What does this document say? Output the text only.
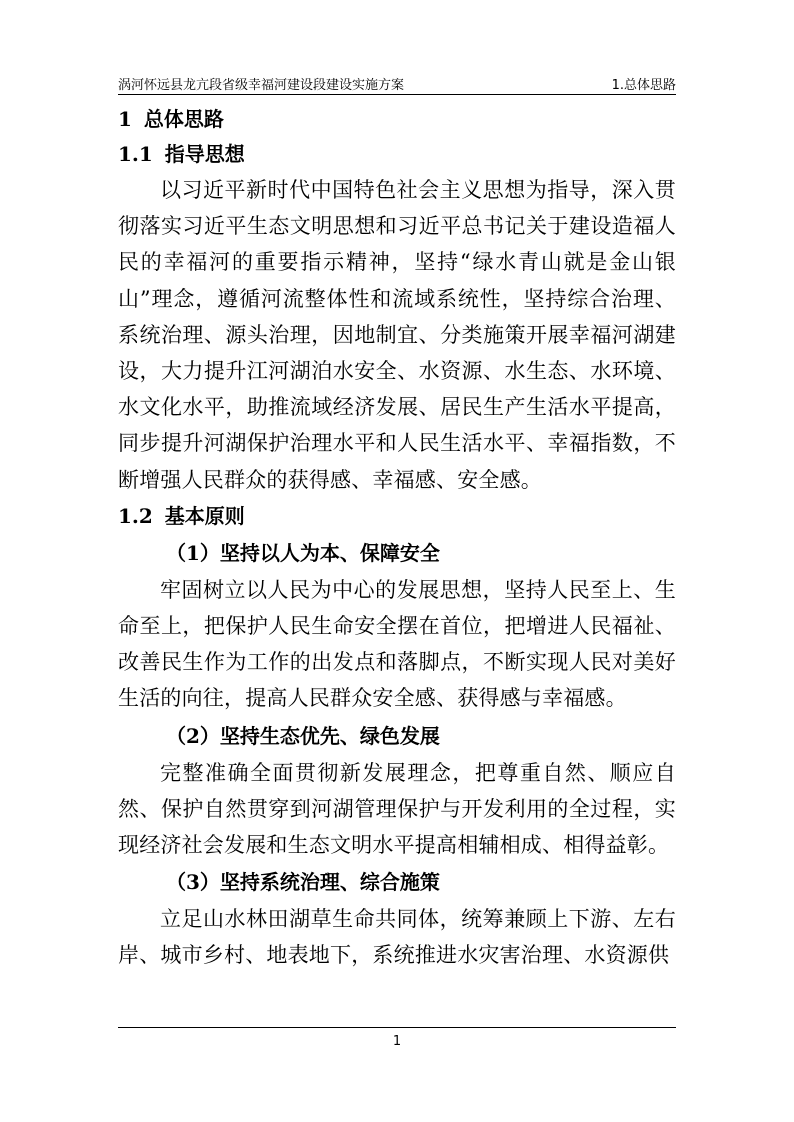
涡河怀远县龙亢段省级幸福河建设段建设实施方案	1.总体思路
1 总体思路
1.1 指导思想

以习近平新时代中国特色社会主义思想为指导，深入贯彻落实习近平生态文明思想和习近平总书记关于建设造福人民的幸福河的重要指示精神，坚持“绿水青山就是金山银山”理念，遵循河流整体性和流域系统性，坚持综合治理、系统治理、源头治理，因地制宜、分类施策开展幸福河湖建设，大力提升江河湖泊水安全、水资源、水生态、水环境、水文化水平，助推流域经济发展、居民生产生活水平提高，同步提升河湖保护治理水平和人民生活水平、幸福指数，不断增强人民群众的获得感、幸福感、安全感。

1.2 基本原则
（1）坚持以人为本、保障安全

牢固树立以人民为中心的发展思想，坚持人民至上、生命至上，把保护人民生命安全摆在首位，把增进人民福祉、改善民生作为工作的出发点和落脚点，不断实现人民对美好生活的向往，提高人民群众安全感、获得感与幸福感。

（2）坚持生态优先、绿色发展

完整准确全面贯彻新发展理念，把尊重自然、顺应自然、保护自然贯穿到河湖管理保护与开发利用的全过程，实现经济社会发展和生态文明水平提高相辅相成、相得益彰。

（3）坚持系统治理、综合施策

立足山水林田湖草生命共同体，统筹兼顾上下游、左右岸、城市乡村、地表地下，系统推进水灾害治理、水资源供

1
